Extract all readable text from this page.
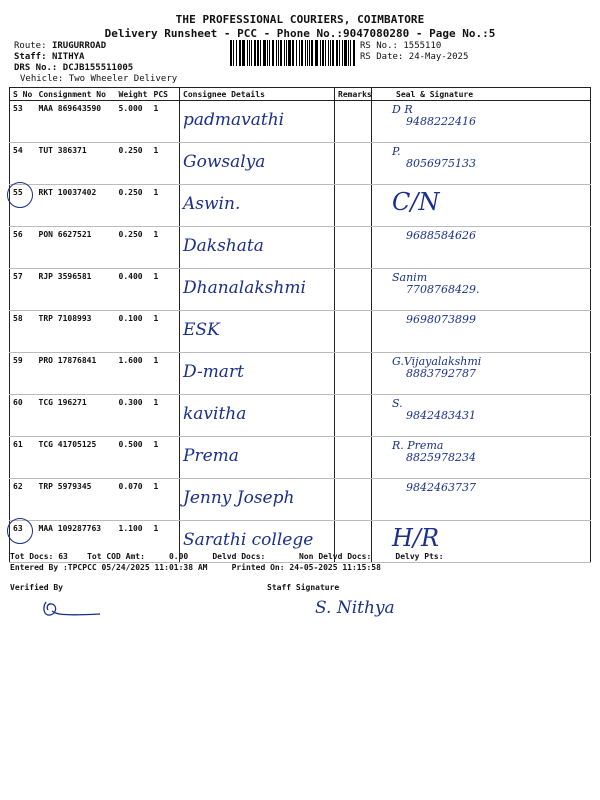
THE PROFESSIONAL COURIERS, COIMBATORE
Delivery Runsheet - PCC - Phone No.:9047080280 - Page No.:5
Route: IRUGURROAD
Staff: NITHYA
DRS No.: DCJB155511005
Vehicle: Two Wheeler Delivery
RS No.: 1555110
RS Date: 24-May-2025
S No	Consignment No	Weight	PCS	Consignee Details	Remarks	Seal & Signature
53	MAA 869643590	5.000	1	padmavathi		D R
9488222416

54	TUT 386371	0.250	1	Gowsalya		P.
8056975133

55	RKT 10037402	0.250	1	Aswin.		C/N

56	PON 6627521	0.250	1	Dakshata		9688584626

57	RJP 3596581	0.400	1	Dhanalakshmi		Sanim
7708768429.

58	TRP 7108993	0.100	1	ESK		9698073899

59	PRO 17876841	1.600	1	D-mart		G.Vijayalakshmi
8883792787

60	TCG 196271	0.300	1	kavitha		S.
9842483431

61	TCG 41705125	0.500	1	Prema		R. Prema
8825978234

62	TRP 5979345	0.070	1	Jenny Joseph		9842463737

63	MAA 109287763	1.100	1	Sarathi college		H/R
Tot Docs: 63 Tot COD Amt:	0.00	Delvd Docs:	Non Delvd Docs:	Delvy Pts:
Entered By :TPCPCC 05/24/2025 11:01:38 AM	Printed On: 24-05-2025 11:15:58
Verified By	Staff Signature
S. Nithya
